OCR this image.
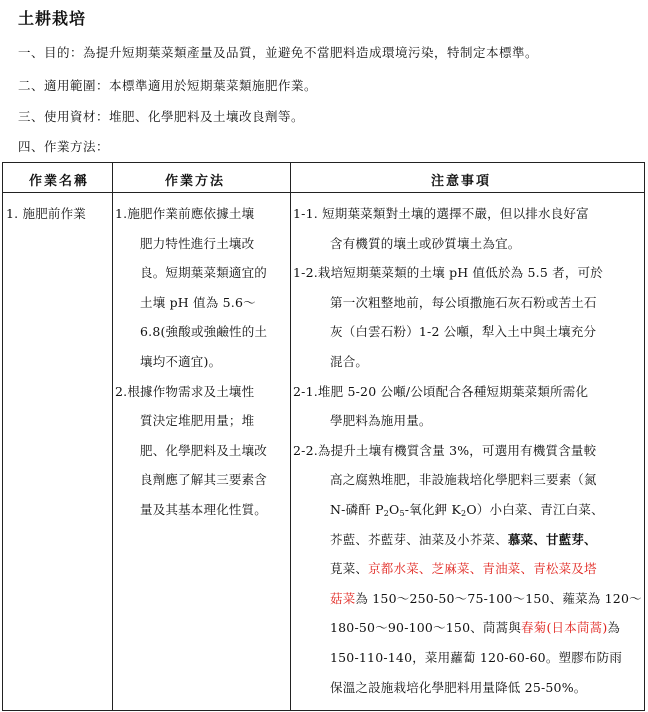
土耕栽培
一、目的：為提升短期葉菜類產量及品質，並避免不當肥料造成環境污染，特制定本標準。
二、適用範圍：本標準適用於短期葉菜類施肥作業。
三、使用資材：堆肥、化學肥料及土壤改良劑等。
四、作業方法：
作業名稱	作業方法	注意事項
1. 施肥前作業 1.施肥作業前應依據土壤
肥力特性進行土壤改
良。短期葉菜類適宜的
土壤 pH 值為 5.6～
6.8(強酸或強鹼性的土
壤均不適宜)。
2.根據作物需求及土壤性
質決定堆肥用量；堆
肥、化學肥料及土壤改
良劑應了解其三要素含
量及其基本理化性質。
1-1. 短期葉菜類對土壤的選擇不嚴，但以排水良好富
含有機質的壤土或砂質壤土為宜。
1-2.栽培短期葉菜類的土壤 pH 值低於為 5.5 者，可於
第一次粗整地前，每公頃撒施石灰石粉或苦土石
灰（白雲石粉）1-2 公噸，犁入土中與土壤充分
混合。
2-1.堆肥 5-20 公噸/公頃配合各種短期葉菜類所需化
學肥料為施用量。
2-2.為提升土壤有機質含量 3%，可選用有機質含量較
高之腐熟堆肥，非設施栽培化學肥料三要素（氮
N-磷酐 $P_2O_5-$氧化鉀 $K_2O$）小白菜、青江白菜、
芥藍、芥藍芽、油菜及小芥菜、慕菜、甘藍芽、
莧菜、京都水菜、芝麻菜、青油菜、青松菜及塔
菇菜為 150～250-50～75-100～150、蕹菜為 120～
180-50～90-100～150、茼蒿與春菊(日本茼蒿)為
150-110-140，菜用蘿蔔 120-60-60。塑膠布防雨
保溫之設施栽培化學肥料用量降低 25-50%。
